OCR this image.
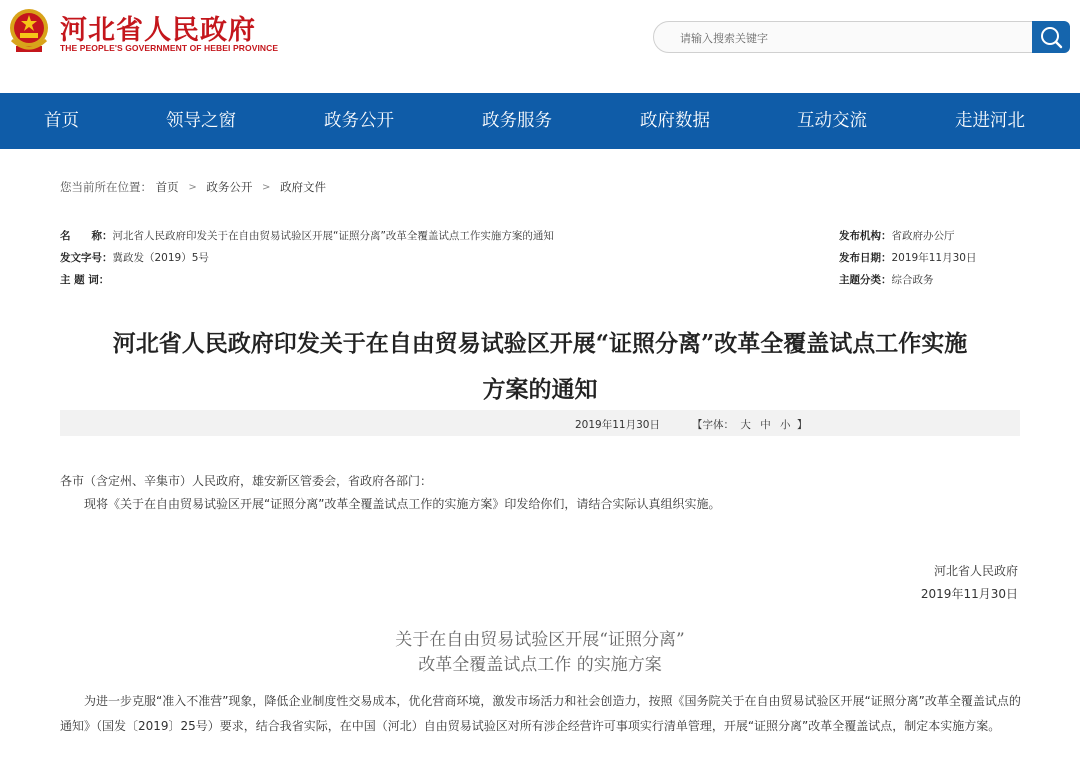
河北省人民政府
THE PEOPLE'S GOVERNMENT OF HEBEI PROVINCE
请输入搜索关键字
首页	领导之窗	政务公开	政务服务	政府数据	互动交流	走进河北
您当前所在位置： 首页 > 政务公开 > 政府文件
名　　称：河北省人民政府印发关于在自由贸易试验区开展“证照分离”改革全覆盖试点工作实施方案的通知
发文字号：冀政发（2019）5号
主 题 词：
发布机构：省政府办公厅
发布日期：2019年11月30日
主题分类：综合政务
河北省人民政府印发关于在自由贸易试验区开展“证照分离”改革全覆盖试点工作实施
方案的通知
2019年11月30日	【字体： 大 中 小 】
各市（含定州、辛集市）人民政府，雄安新区管委会，省政府各部门：
现将《关于在自由贸易试验区开展“证照分离”改革全覆盖试点工作的实施方案》印发给你们，请结合实际认真组织实施。
河北省人民政府
2019年11月30日
关于在自由贸易试验区开展“证照分离”
改革全覆盖试点工作 的实施方案
为进一步克服“准入不准营”现象，降低企业制度性交易成本，优化营商环境，激发市场活力和社会创造力，按照《国务院关于在自由贸易试验区开展“证照分离”改革全覆盖试点的通知》（国发〔2019〕25号）要求，结合我省实际，在中国（河北）自由贸易试验区对所有涉企经营许可事项实行清单管理，开展“证照分离”改革全覆盖试点，制定本实施方案。
